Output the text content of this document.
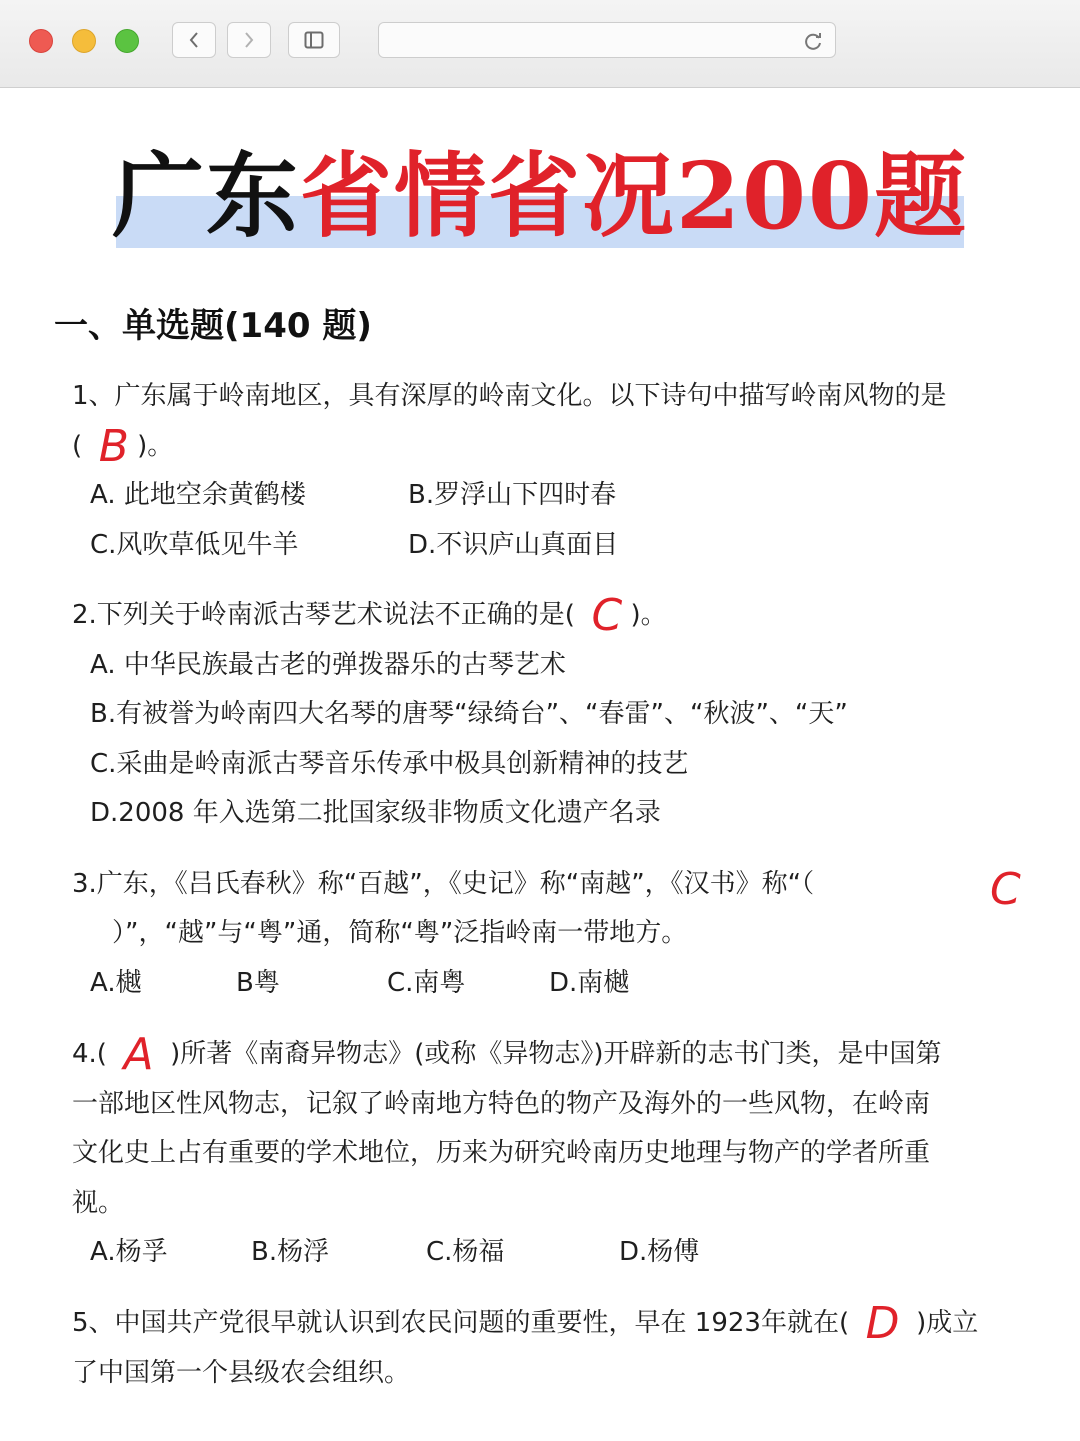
广东省情省况200题
一、单选题(140 题)
1、广东属于岭南地区，具有深厚的岭南文化。以下诗句中描写岭南风物的是
( B )。
A. 此地空余黄鹤楼	B.罗浮山下四时春
C.风吹草低见牛羊	D.不识庐山真面目
2.下列关于岭南派古琴艺术说法不正确的是( C )。
A. 中华民族最古老的弹拨器乐的古琴艺术
B.有被誉为岭南四大名琴的唐琴“绿绮台”、“春雷”、“秋波”、“天”
C.采曲是岭南派古琴音乐传承中极具创新精神的技艺
D.2008 年入选第二批国家级非物质文化遗产名录
3.广东，《吕氏春秋》称“百越”，《史记》称“南越”，《汉书》称“（	C
）”，“越”与“粤”通，简称“粤”泛指岭南一带地方。
A.樾	B粤	C.南粤	D.南樾
4.( A )所著《南裔异物志》(或称《异物志》)开辟新的志书门类，是中国第
一部地区性风物志，记叙了岭南地方特色的物产及海外的一些风物，在岭南
文化史上占有重要的学术地位，历来为研究岭南历史地理与物产的学者所重
视。
A.杨孚	B.杨浮	C.杨福	D.杨傅
5、中国共产党很早就认识到农民问题的重要性，早在 1923年就在( D )成立
了中国第一个县级农会组织。
